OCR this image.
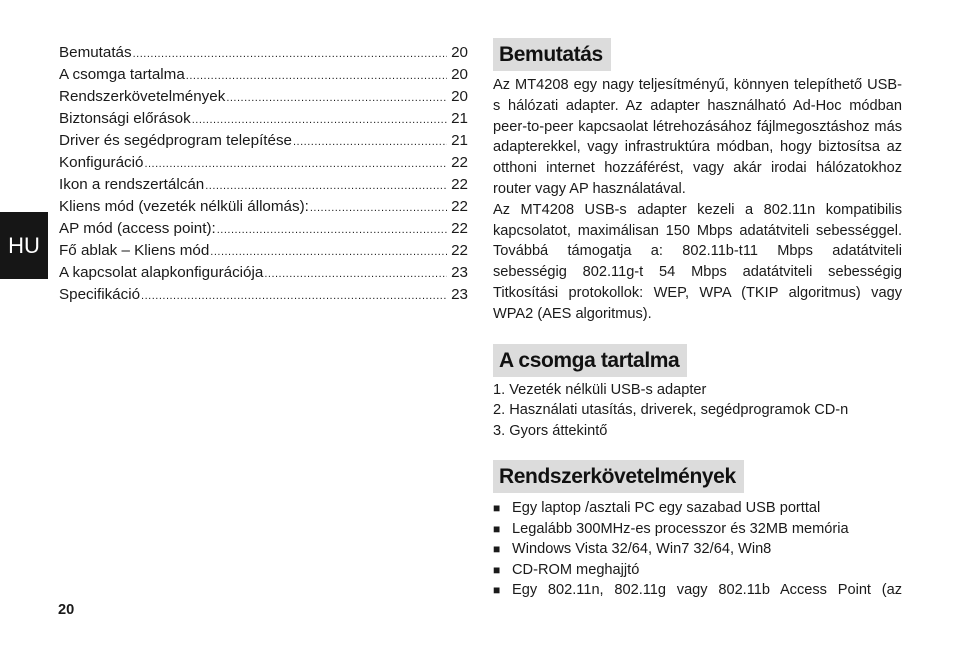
HU
Bemutatás .....	20
A csomga tartalma .....	20
Rendszerkövetelmények .....	20
Biztonsági előrások .....	21
Driver és segédprogram telepítése .....	21
Konfiguráció .....	22
Ikon a rendszertálcán .....	22
Kliens mód (vezeték nélküli állomás): .....	22
AP mód (access point): .....	22
Fő ablak – Kliens mód .....	22
A kapcsolat alapkonfigurációja .....	23
Specifikáció .....	23
Bemutatás

Az MT4208 egy nagy teljesítményű, könnyen telepíthető USB-s hálózati adapter. Az adapter használható Ad-Hoc módban peer-to-peer kapcsaolat létrehozásához fájlmegosztáshoz más adapterekkel, vagy infrastruktúra módban, hogy biztosítsa az otthoni internet hozzáférést, vagy akár irodai hálózatokhoz router vagy AP használatával.

Az MT4208 USB-s adapter kezeli a 802.11n kompatibilis kapcsolatot, maximálisan 150 Mbps adatátviteli sebességgel. Továbbá támogatja a: 802.11b-t11 Mbps adatátviteli sebességig 802.11g-t 54 Mbps adatátviteli sebességig Titkosítási protokollok: WEP, WPA (TKIP algoritmus) vagy WPA2 (AES algoritmus).

A csomga tartalma

1. Vezeték nélküli USB-s adapter

2. Használati utasítás, driverek, segédprogramok CD-n

3. Gyors áttekintő

Rendszerkövetelmények
■ Egy laptop /asztali PC egy sazabad USB porttal
■ Legalább 300MHz-es processzor és 32MB memória
■ Windows Vista 32/64, Win7 32/64, Win8
■ CD-ROM meghajjtó
■ Egy 802.11n, 802.11g vagy 802.11b Access Point (az
20
